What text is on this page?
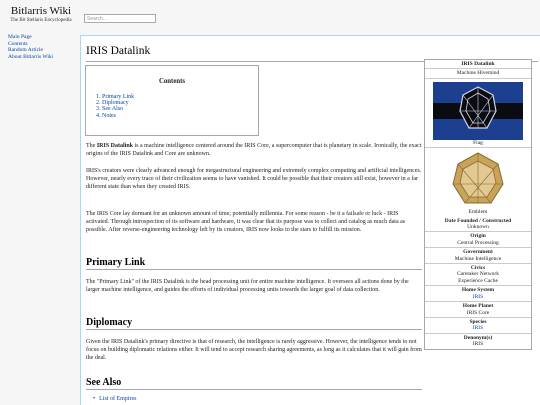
Bitlarris Wiki
The Bit Stellaris Encyclopedia	Search...
Main Page
Contents
Random Article
About Bitlarris Wiki	IRIS Datalink
Contents
1. Primary Link
2. Diplomacy
3. See Also
4. Notes

The IRIS Datalink is a machine intelligence centered around the IRIS Core, a supercomputer that is planetary in scale. Ironically, the exact origins of the IRIS Datalink and Core are unknown.

IRIS's creators were clearly advanced enough for megastructural engineering and extremely complex computing and artificial intelligences. However, nearly every trace of their civilization seems to have vanished. It could be possible that their creators still exist, however in a far different state than when they created IRIS.

The IRIS Core lay dormant for an unknown amount of time; potentially millennia. For some reason - be it a failsafe or luck - IRIS activated. Through introspection of its software and hardware, it was clear that its purpose was to collect and catalog as much data as possible. After reverse-engineering technology left by its creators, IRIS now looks to the stars to fulfill its mission.

Primary Link

The "Primary Link" of the IRIS Datalink is the head processing unit for entire machine intelligence. It oversees all actions done by the larger machine intelligence, and guides the efforts of individual processing units towards the larger goal of data collection.

Diplomacy

Given the IRIS Datalink's primary directive is that of research, the intelligence is rarely aggressive. However, the intelligence tends to not focus on building diplomatic relations either. It will tend to accept research sharing agreements, as long as it calculates that it will gain from the deal.

See Also
• List of Empires
IRIS Datalink
Machine Hivemind
Flag
Emblem
Date Founded / Constructed
Unknown
Origin
Central Processing
Government
Machine Intelligence
Civics
Caretaker Network
Experience Cache
Home System
IRIS
Home Planet
IRIS Core
Species
IRIS
Denonym(s)
IRIS
